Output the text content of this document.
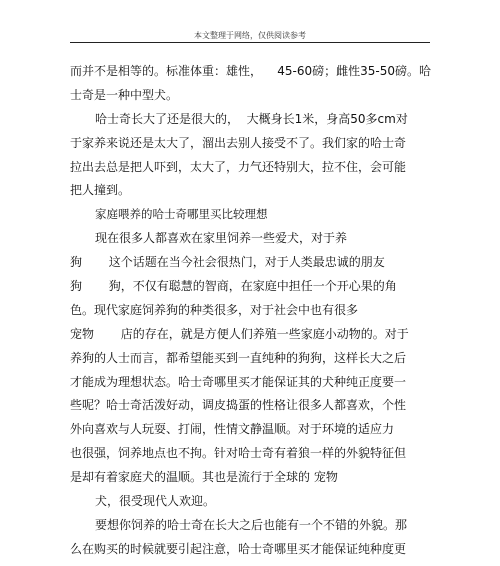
本文整理于网络，仅供阅读参考
而并不是相等的。标准体重：雄性，    45-60磅；雌性35-50磅。哈
士奇是一种中型犬。
哈士奇长大了还是很大的，  大概身长1米，身高50多cm对
于家养来说还是太大了，溜出去别人接受不了。我们家的哈士奇
拉出去总是把人吓到，太大了，力气还特别大，拉不住，会可能
把人撞到。
家庭喂养的哈士奇哪里买比较理想
现在很多人都喜欢在家里饲养一些爱犬，对于养
狗       这个话题在当今社会很热门，对于人类最忠诚的朋友
狗       狗，不仅有聪慧的智商，在家庭中担任一个开心果的角
色。现代家庭饲养狗的种类很多，对于社会中也有很多
宠物       店的存在，就是方便人们养殖一些家庭小动物的。对于
养狗的人士而言，都希望能买到一直纯种的狗狗，这样长大之后
才能成为理想状态。哈士奇哪里买才能保证其的犬种纯正度要一
些呢？哈士奇活泼好动，调皮捣蛋的性格让很多人都喜欢，个性
外向喜欢与人玩耍、打闹，性情文静温顺。对于环境的适应力
也很强，饲养地点也不拘。针对哈士奇有着狼一样的外貌特征但
是却有着家庭犬的温顺。其也是流行于全球的 宠物
犬，很受现代人欢迎。
要想你饲养的哈士奇在长大之后也能有一个不错的外貌。那
么在购买的时候就要引起注意，哈士奇哪里买才能保证纯种度更
